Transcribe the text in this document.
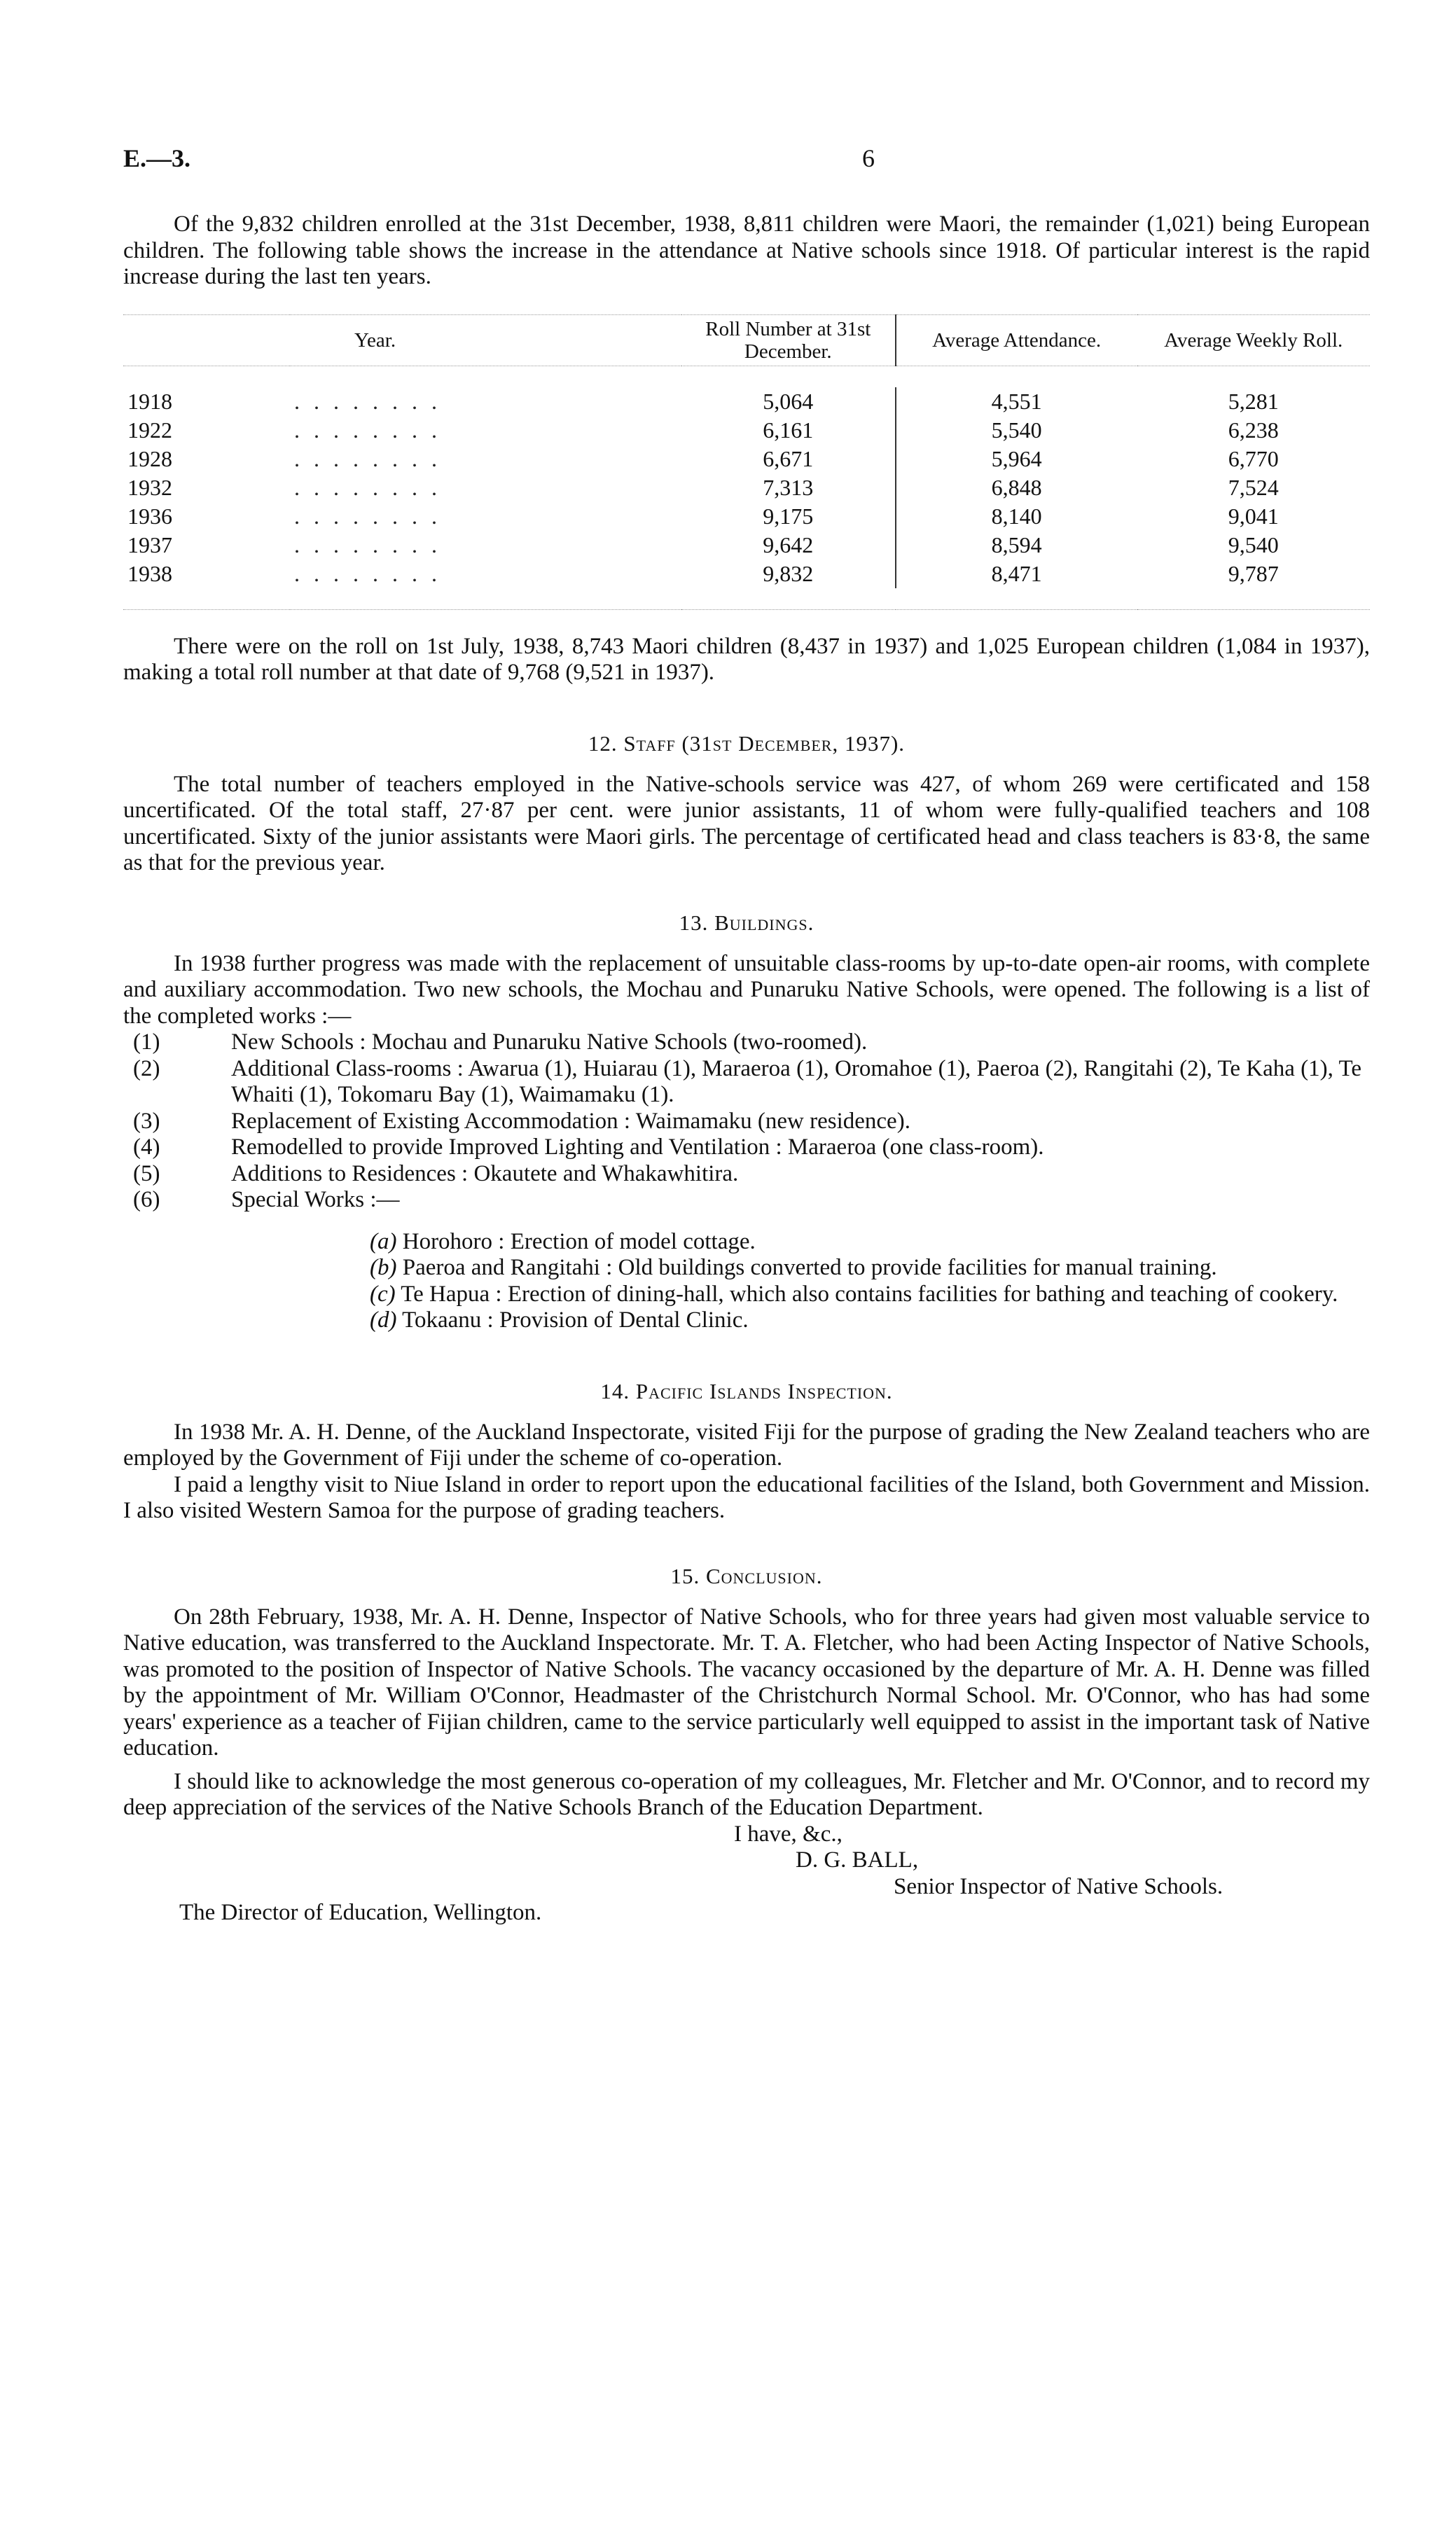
E.—3.	6

Of the 9,832 children enrolled at the 31st December, 1938, 8,811 children were Maori, the remainder (1,021) being European children. The following table shows the increase in the attendance at Native schools since 1918. Of particular interest is the rapid increase during the last ten years.

Year.		Roll Number at 31st December.	Average Attendance.	Average Weekly Roll.

1918	. . . . . . . .	5,064	4,551	5,281
1922	. . . . . . . .	6,161	5,540	6,238
1928	. . . . . . . .	6,671	5,964	6,770
1932	. . . . . . . .	7,313	6,848	7,524
1936	. . . . . . . .	9,175	8,140	9,041
1937	. . . . . . . .	9,642	8,594	9,540
1938	. . . . . . . .	9,832	8,471	9,787

There were on the roll on 1st July, 1938, 8,743 Maori children (8,437 in 1937) and 1,025 European children (1,084 in 1937), making a total roll number at that date of 9,768 (9,521 in 1937).

12. Staff (31st December, 1937).

The total number of teachers employed in the Native-schools service was 427, of whom 269 were certificated and 158 uncertificated. Of the total staff, 27·87 per cent. were junior assistants, 11 of whom were fully-qualified teachers and 108 uncertificated. Sixty of the junior assistants were Maori girls. The percentage of certificated head and class teachers is 83·8, the same as that for the previous year.

13. Buildings.

In 1938 further progress was made with the replacement of unsuitable class-rooms by up-to-date open-air rooms, with complete and auxiliary accommodation. Two new schools, the Mochau and Punaruku Native Schools, were opened. The following is a list of the completed works :—

(1)	New Schools : Mochau and Punaruku Native Schools (two-roomed).

(2)	Additional Class-rooms : Awarua (1), Huiarau (1), Maraeroa (1), Oromahoe (1), Paeroa (2), Rangitahi (2), Te Kaha (1), Te Whaiti (1), Tokomaru Bay (1), Waimamaku (1).

(3)	Replacement of Existing Accommodation : Waimamaku (new residence).

(4)	Remodelled to provide Improved Lighting and Ventilation : Maraeroa (one class-room).

(5)	Additions to Residences : Okautete and Whakawhitira.

(6)	Special Works :—

(a) Horohoro : Erection of model cottage.

(b) Paeroa and Rangitahi : Old buildings converted to provide facilities for manual training.

(c) Te Hapua : Erection of dining-hall, which also contains facilities for bathing and teaching of cookery.

(d) Tokaanu : Provision of Dental Clinic.

14. Pacific Islands Inspection.

In 1938 Mr. A. H. Denne, of the Auckland Inspectorate, visited Fiji for the purpose of grading the New Zealand teachers who are employed by the Government of Fiji under the scheme of co-operation.

I paid a lengthy visit to Niue Island in order to report upon the educational facilities of the Island, both Government and Mission. I also visited Western Samoa for the purpose of grading teachers.

15. Conclusion.

On 28th February, 1938, Mr. A. H. Denne, Inspector of Native Schools, who for three years had given most valuable service to Native education, was transferred to the Auckland Inspectorate. Mr. T. A. Fletcher, who had been Acting Inspector of Native Schools, was promoted to the position of Inspector of Native Schools. The vacancy occasioned by the departure of Mr. A. H. Denne was filled by the appointment of Mr. William O'Connor, Headmaster of the Christchurch Normal School. Mr. O'Connor, who has had some years' experience as a teacher of Fijian children, came to the service particularly well equipped to assist in the important task of Native education.

I should like to acknowledge the most generous co-operation of my colleagues, Mr. Fletcher and Mr. O'Connor, and to record my deep appreciation of the services of the Native Schools Branch of the Education Department.

I have, &c.,

D. G. BALL,

Senior Inspector of Native Schools.

The Director of Education, Wellington.
